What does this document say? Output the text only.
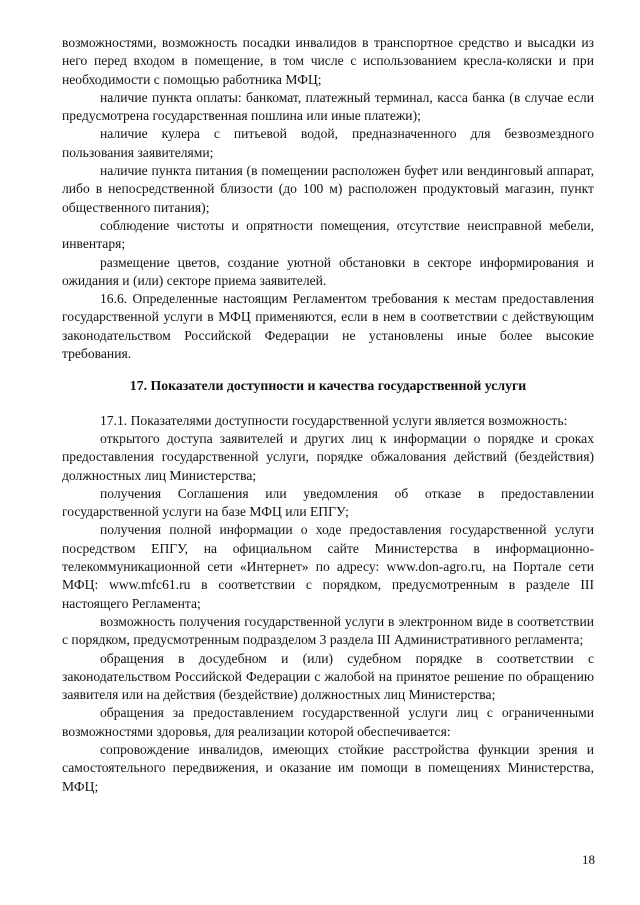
возможностями, возможность посадки инвалидов в транспортное средство и высадки из него перед входом в помещение, в том числе с использованием кресла-коляски и при необходимости с помощью работника МФЦ;

наличие пункта оплаты: банкомат, платежный терминал, касса банка (в случае если предусмотрена государственная пошлина или иные платежи);

наличие кулера с питьевой водой, предназначенного для безвозмездного пользования заявителями;

наличие пункта питания (в помещении расположен буфет или вендинговый аппарат, либо в непосредственной близости (до 100 м) расположен продуктовый магазин, пункт общественного питания);

соблюдение чистоты и опрятности помещения, отсутствие неисправной мебели, инвентаря;

размещение цветов, создание уютной обстановки в секторе информирования и ожидания и (или) секторе приема заявителей.

16.6. Определенные настоящим Регламентом требования к местам предоставления государственной услуги в МФЦ применяются, если в нем в соответствии с действующим законодательством Российской Федерации не установлены иные более высокие требования.

17. Показатели доступности и качества государственной услуги

17.1. Показателями доступности государственной услуги является возможность:

открытого доступа заявителей и других лиц к информации о порядке и сроках предоставления государственной услуги, порядке обжалования действий (бездействия) должностных лиц Министерства;

получения Соглашения или уведомления об отказе в предоставлении государственной услуги на базе МФЦ или ЕПГУ;

получения полной информации о ходе предоставления государственной услуги посредством ЕПГУ, на официальном сайте Министерства в информационно-телекоммуникационной сети «Интернет» по адресу: www.don-agro.ru, на Портале сети МФЦ: www.mfc61.ru в соответствии с порядком, предусмотренным в разделе III настоящего Регламента;

возможность получения государственной услуги в электронном виде в соответствии с порядком, предусмотренным подразделом 3 раздела III Административного регламента;

обращения в досудебном и (или) судебном порядке в соответствии с законодательством Российской Федерации с жалобой на принятое решение по обращению заявителя или на действия (бездействие) должностных лиц Министерства;

обращения за предоставлением государственной услуги лиц с ограниченными возможностями здоровья, для реализации которой обеспечивается:

сопровождение инвалидов, имеющих стойкие расстройства функции зрения и самостоятельного передвижения, и оказание им помощи в помещениях Министерства, МФЦ;

18
